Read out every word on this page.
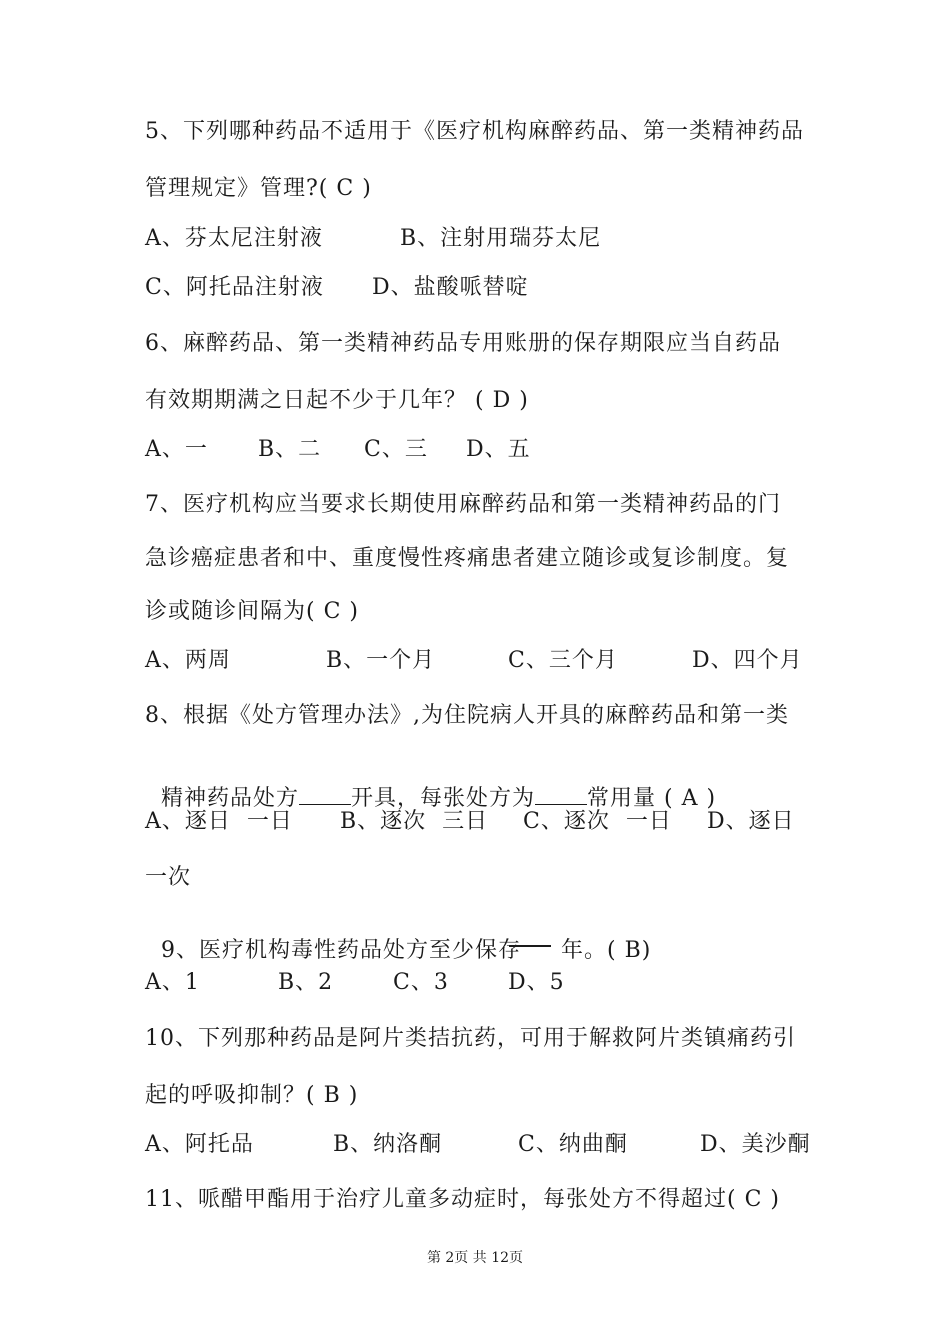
5、下列哪种药品不适用于《医疗机构麻醉药品、第一类精神药品
管理规定》管理?( C )
A、芬太尼注射液	B、注射用瑞芬太尼
C、阿托品注射液 D、盐酸哌替啶
6、麻醉药品、第一类精神药品专用账册的保存期限应当自药品
有效期期满之日起不少于几年？ ( D )
A、一 B、二 C、三 D、五
7、医疗机构应当要求长期使用麻醉药品和第一类精神药品的门
急诊癌症患者和中、重度慢性疼痛患者建立随诊或复诊制度。复
诊或随诊间隔为( C )
A、两周	B、一个月	C、三个月	D、四个月
8、根据《处方管理办法》,为住院病人开具的麻醉药品和第一类

精神药品处方 开具，每张处方为 常用量 ( A )

A、逐日  一日 B、逐次  三日 C、逐次  一日 D、逐日
一次

9、医疗机构毒性药品处方至少保存 年。( B)

A、1	B、2	C、3	D、5
10、下列那种药品是阿片类拮抗药，可用于解救阿片类镇痛药引
起的呼吸抑制？( B )
A、阿托品	B、纳洛酮	C、纳曲酮	D、美沙酮
11、哌醋甲酯用于治疗儿童多动症时，每张处方不得超过( C )
第 2页 共 12页
